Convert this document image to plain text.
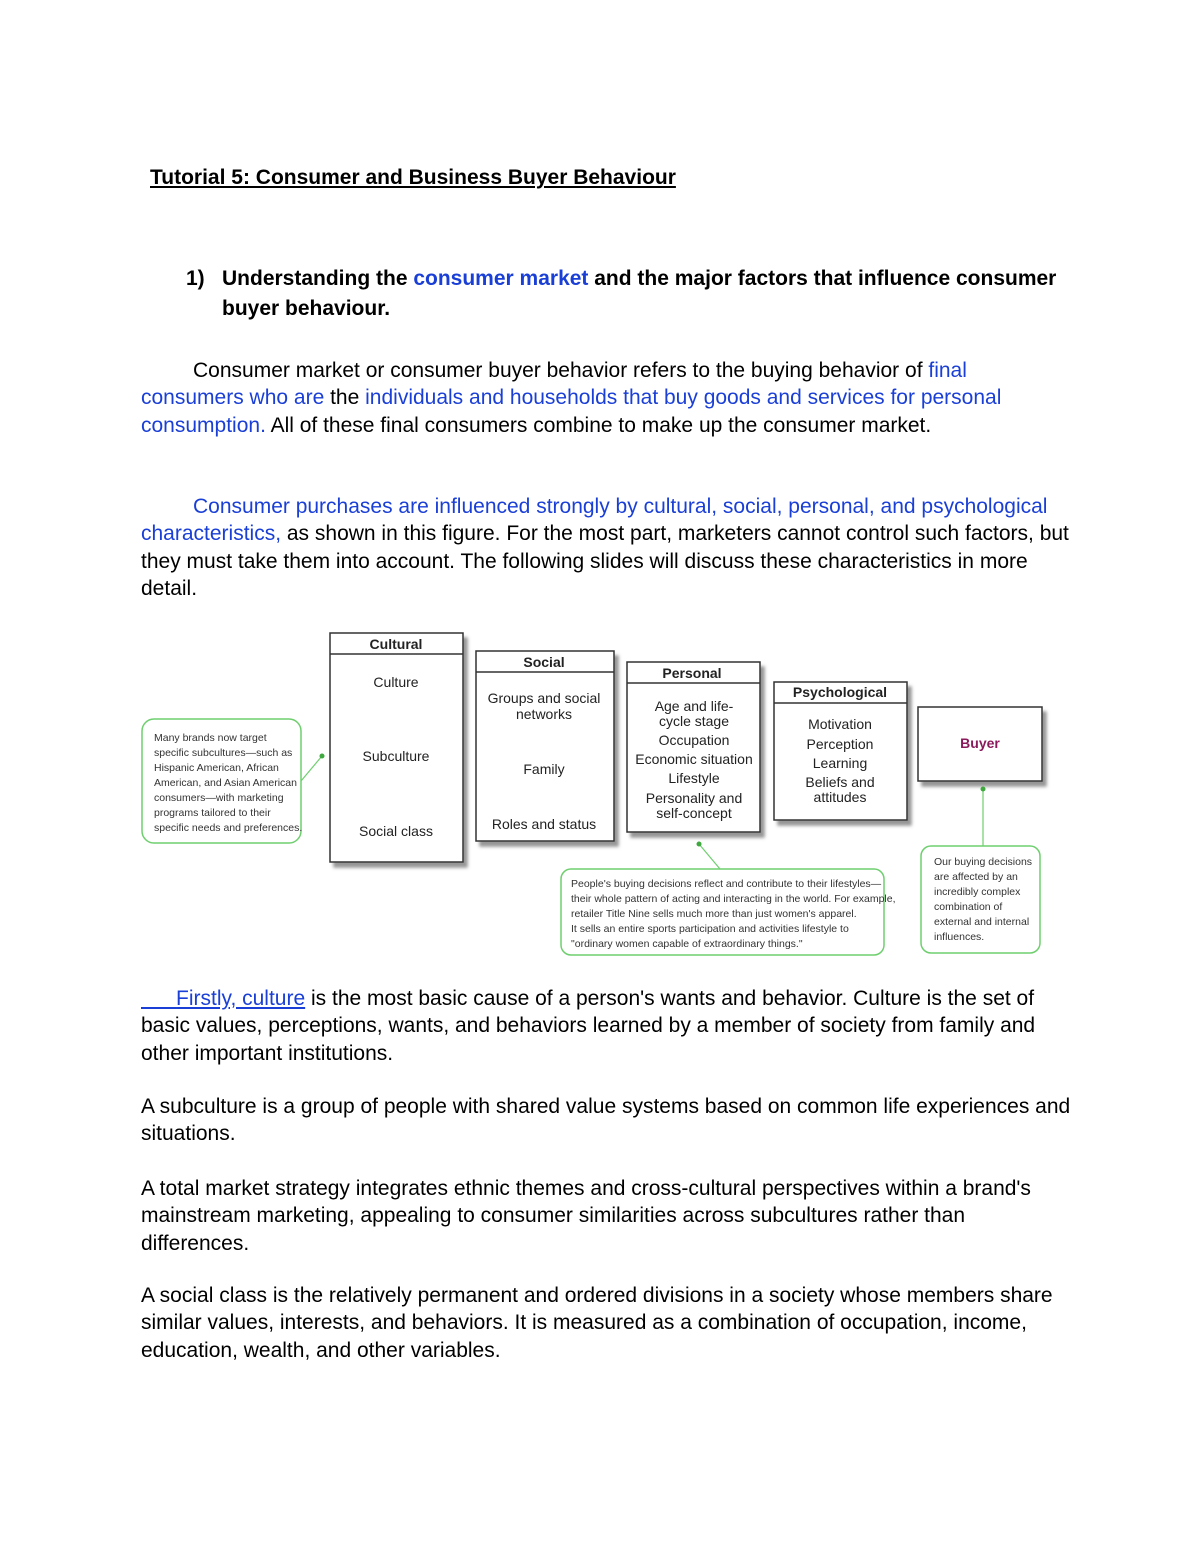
Tutorial 5: Consumer and Business Buyer Behaviour
1) Understanding the consumer market and the major factors that influence consumer buyer behaviour.

Consumer market or consumer buyer behavior refers to the buying behavior of final consumers who are the individuals and households that buy goods and services for personal consumption. All of these final consumers combine to make up the consumer market.

Consumer purchases are influenced strongly by cultural, social, personal, and psychological characteristics, as shown in this figure. For the most part, marketers cannot control such factors, but they must take them into account. The following slides will discuss these characteristics in more detail.

Cultural
Culture
Subculture
Social class
Social
Groups and social
networks
Family
Roles and status
Personal
Age and life-
cycle stage
Occupation
Economic situation
Lifestyle
Personality and
self-concept
Psychological
Motivation
Perception
Learning
Beliefs and
attitudes
Buyer
Many brands now target
specific subcultures—such as
Hispanic American, African
American, and Asian American
consumers—with marketing
programs tailored to their
specific needs and preferences.
People's buying decisions reflect and contribute to their lifestyles—
their whole pattern of acting and interacting in the world. For example,
retailer Title Nine sells much more than just women's apparel.
It sells an entire sports participation and activities lifestyle to
"ordinary women capable of extraordinary things."
Our buying decisions
are affected by an
incredibly complex
combination of
external and internal
influences.

Firstly, culture is the most basic cause of a person's wants and behavior. Culture is the set of basic values, perceptions, wants, and behaviors learned by a member of society from family and other important institutions.

A subculture is a group of people with shared value systems based on common life experiences and situations.

A total market strategy integrates ethnic themes and cross-cultural perspectives within a brand's mainstream marketing, appealing to consumer similarities across subcultures rather than differences.

A social class is the relatively permanent and ordered divisions in a society whose members share similar values, interests, and behaviors. It is measured as a combination of occupation, income, education, wealth, and other variables.
